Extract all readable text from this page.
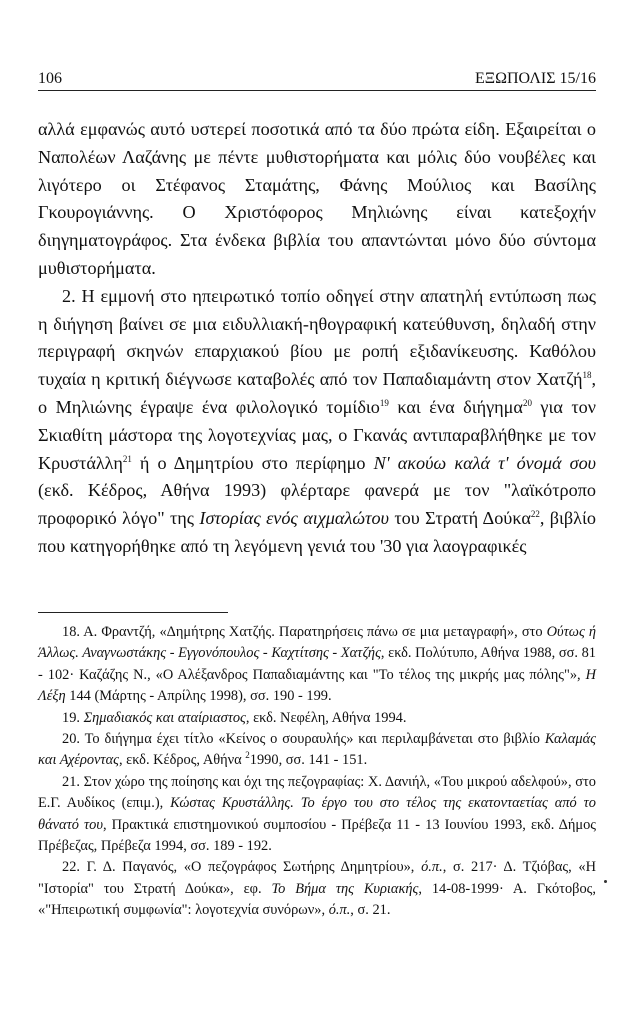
106	ΕΞΩΠΟΛΙΣ 15/16

αλλά εμφανώς αυτό υστερεί ποσοτικά από τα δύο πρώτα είδη. Εξαιρείται ο Ναπολέων Λαζάνης με πέντε μυθιστορήματα και μόλις δύο νουβέλες και λιγότερο οι Στέφανος Σταμάτης, Φάνης Μούλιος και Βασίλης Γκουρογιάννης. Ο Χριστόφορος Μηλιώνης είναι κατεξοχήν διηγηματογράφος. Στα ένδεκα βιβλία του απαντώνται μόνο δύο σύντομα μυθιστορήματα.

2. Η εμμονή στο ηπειρωτικό τοπίο οδηγεί στην απατηλή εντύπωση πως η διήγηση βαίνει σε μια ειδυλλιακή-ηθογραφική κατεύθυνση, δηλαδή στην περιγραφή σκηνών επαρχιακού βίου με ροπή εξιδανίκευσης. Καθόλου τυχαία η κριτική διέγνωσε καταβολές από τον Παπαδιαμάντη στον Χατζή$^{18}$, ο Μηλιώνης έγραψε ένα φιλολογικό τομίδιο$^{19}$ και ένα διήγημα$^{20}$ για τον Σκιαθίτη μάστορα της λογοτεχνίας μας, ο Γκανάς αντιπαραβλήθηκε με τον Κρυστάλλη$^{21}$ ή ο Δημητρίου στο περίφημο Ν' ακούω καλά τ' όνομά σου (εκδ. Κέδρος, Αθήνα 1993) φλέρταρε φανερά με τον "λαϊκότροπο προφορικό λόγο" της Ιστορίας ενός αιχμαλώτου του Στρατή Δούκα$^{22}$, βιβλίο που κατηγορήθηκε από τη λεγόμενη γενιά του '30 για λαογραφικές

18. Α. Φραντζή, «Δημήτρης Χατζής. Παρατηρήσεις πάνω σε μια μεταγραφή», στο Ούτως ή Άλλως. Αναγνωστάκης - Εγγονόπουλος - Καχτίτσης - Χατζής, εκδ. Πολύτυπο, Αθήνα 1988, σσ. 81 - 102· Καζάζης Ν., «Ο Αλέξανδρος Παπαδιαμάντης και "Το τέλος της μικρής μας πόλης"», Η Λέξη 144 (Μάρτης - Απρίλης 1998), σσ. 190 - 199.

19. Σημαδιακός και αταίριαστος, εκδ. Νεφέλη, Αθήνα 1994.

20. Το διήγημα έχει τίτλο «Κείνος ο σουραυλής» και περιλαμβάνεται στο βιβλίο Καλαμάς και Αχέροντας, εκδ. Κέδρος, Αθήνα $^2$1990, σσ. 141 - 151.

21. Στον χώρο της ποίησης και όχι της πεζογραφίας: Χ. Δανιήλ, «Του μικρού αδελφού», στο Ε.Γ. Αυδίκος (επιμ.), Κώστας Κρυστάλλης. Το έργο του στο τέλος της εκατονταετίας από το θάνατό του, Πρακτικά επιστημονικού συμποσίου - Πρέβεζα 11 - 13 Ιουνίου 1993, εκδ. Δήμος Πρέβεζας, Πρέβεζα 1994, σσ. 189 - 192.

22. Γ. Δ. Παγανός, «Ο πεζογράφος Σωτήρης Δημητρίου», ό.π., σ. 217· Δ. Τζιόβας, «Η "Ιστορία" του Στρατή Δούκα», εφ. Το Βήμα της Κυριακής, 14-08-1999· Α. Γκότοβος, «"Ηπειρωτική συμφωνία": λογοτεχνία συνόρων», ό.π., σ. 21.
